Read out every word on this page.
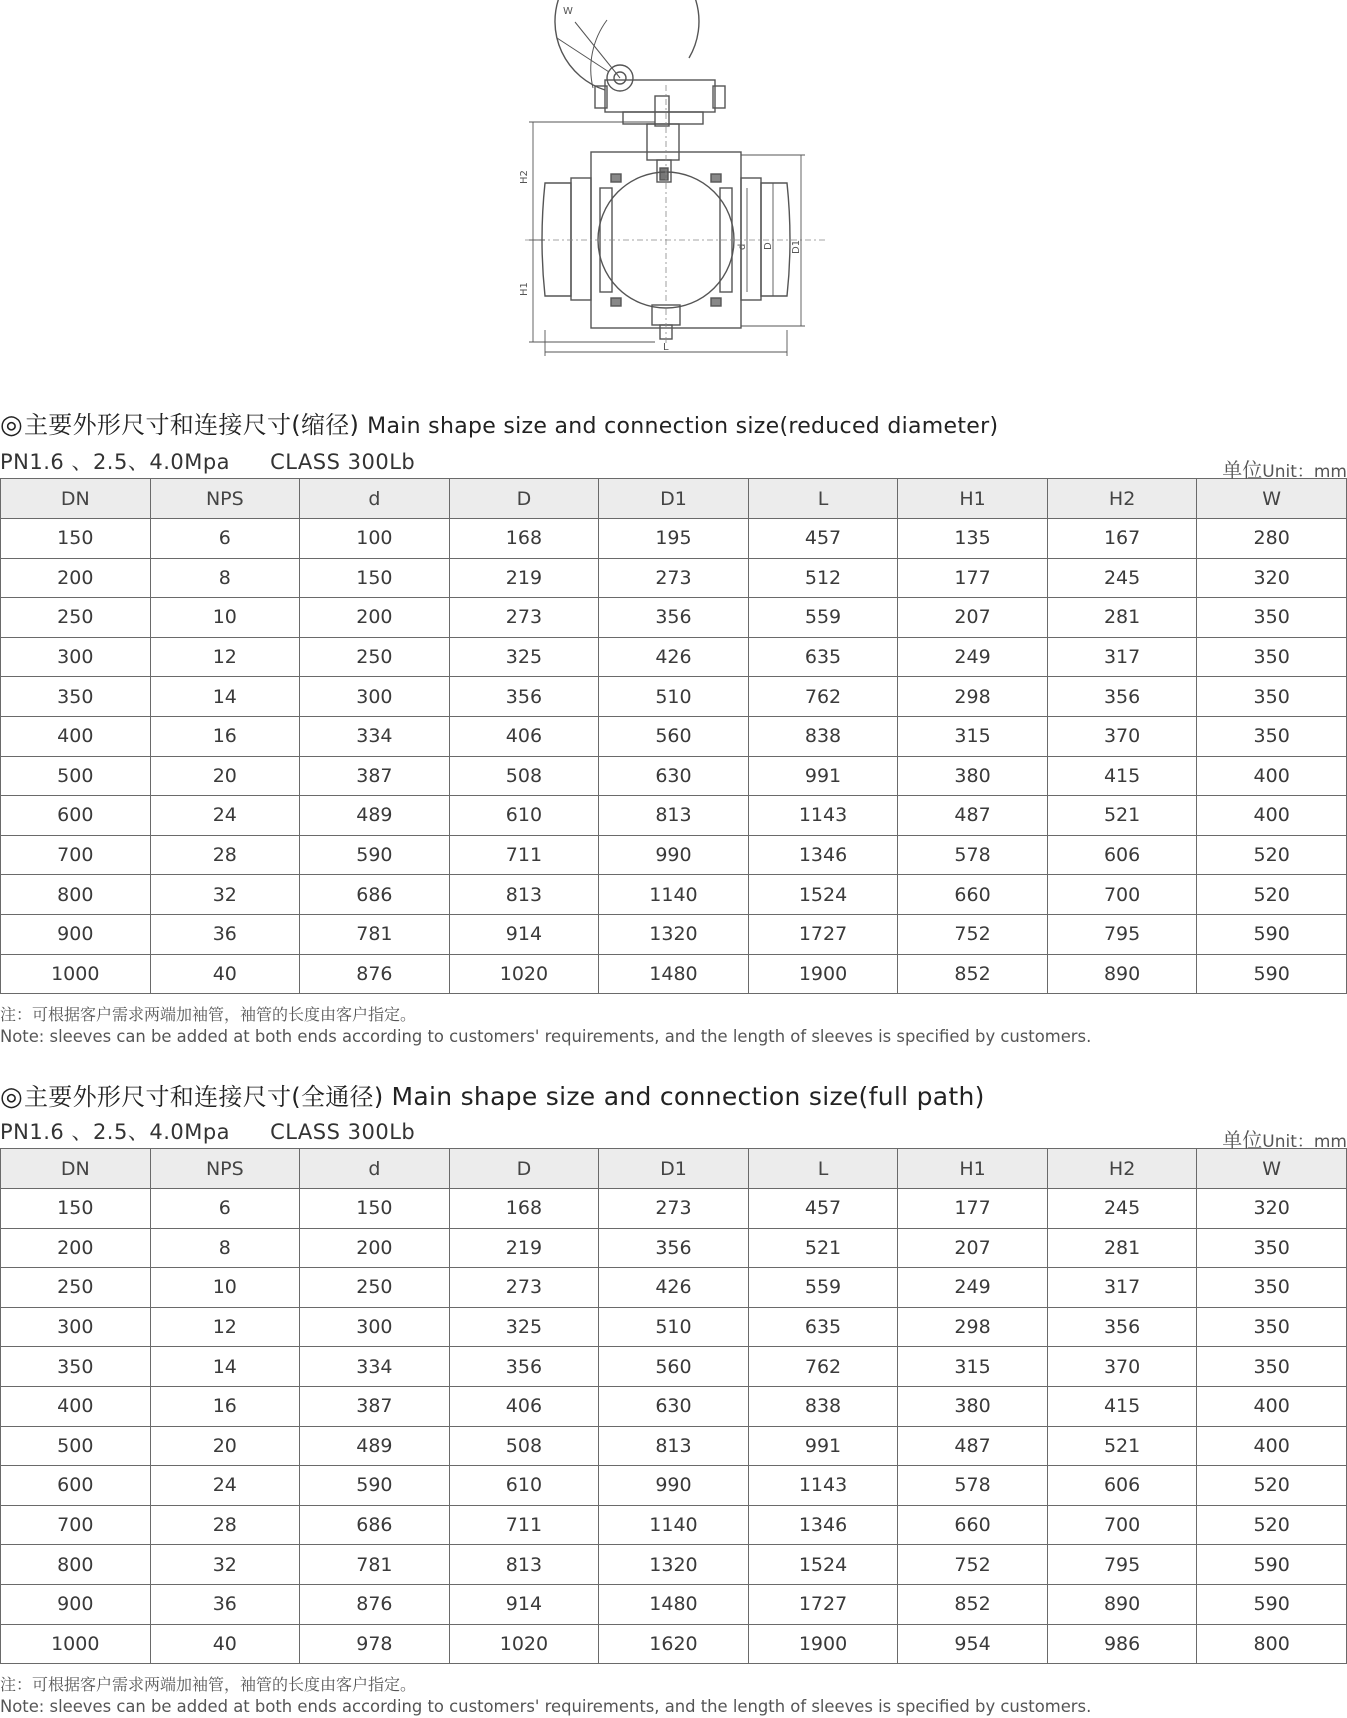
W
H2
H1
d D D1
L
◎主要外形尺寸和连接尺寸(缩径) Main shape size and connection size(reduced diameter)
PN1.6 、2.5、4.0Mpa CLASS 300Lb	单位Unit：mm
DN	NPS	d	D	D1	L	H1	H2	W
150	6	100	168	195	457	135	167	280
200	8	150	219	273	512	177	245	320
250	10	200	273	356	559	207	281	350
300	12	250	325	426	635	249	317	350
350	14	300	356	510	762	298	356	350
400	16	334	406	560	838	315	370	350
500	20	387	508	630	991	380	415	400
600	24	489	610	813	1143	487	521	400
700	28	590	711	990	1346	578	606	520
800	32	686	813	1140	1524	660	700	520
900	36	781	914	1320	1727	752	795	590
1000	40	876	1020	1480	1900	852	890	590
注：可根据客户需求两端加袖管，袖管的长度由客户指定。
Note: sleeves can be added at both ends according to customers' requirements, and the length of sleeves is specified by customers.
◎主要外形尺寸和连接尺寸(全通径) Main shape size and connection size(full path)
PN1.6 、2.5、4.0Mpa CLASS 300Lb	单位Unit：mm
DN	NPS	d	D	D1	L	H1	H2	W
150	6	150	168	273	457	177	245	320
200	8	200	219	356	521	207	281	350
250	10	250	273	426	559	249	317	350
300	12	300	325	510	635	298	356	350
350	14	334	356	560	762	315	370	350
400	16	387	406	630	838	380	415	400
500	20	489	508	813	991	487	521	400
600	24	590	610	990	1143	578	606	520
700	28	686	711	1140	1346	660	700	520
800	32	781	813	1320	1524	752	795	590
900	36	876	914	1480	1727	852	890	590
1000	40	978	1020	1620	1900	954	986	800
注：可根据客户需求两端加袖管，袖管的长度由客户指定。
Note: sleeves can be added at both ends according to customers' requirements, and the length of sleeves is specified by customers.
